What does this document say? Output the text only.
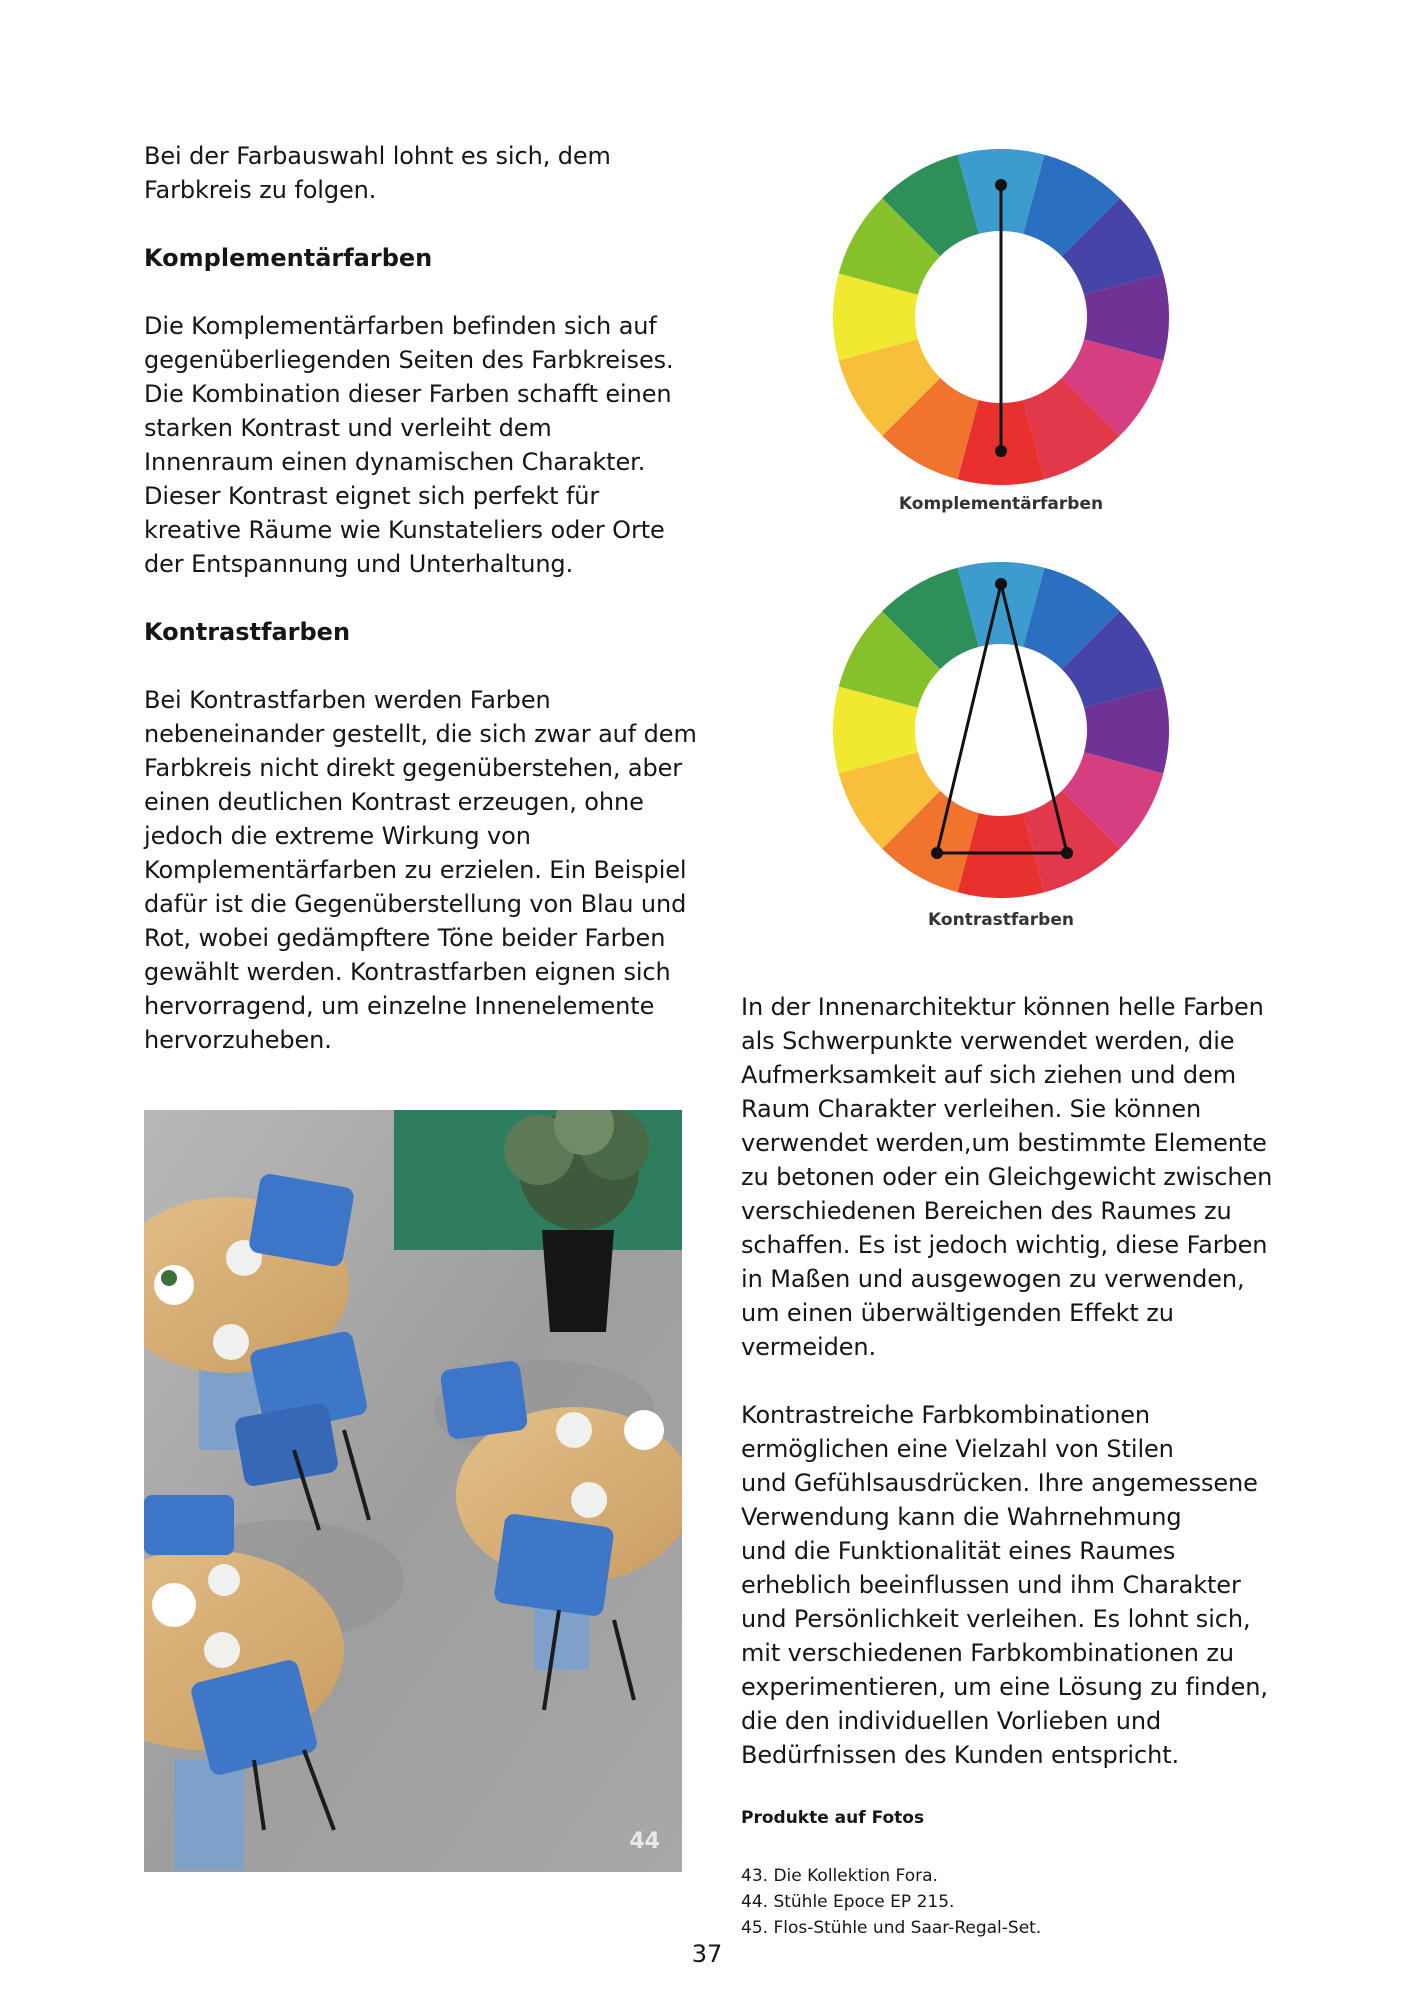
Bei der Farbauswahl lohnt es sich, dem
Farbkreis zu folgen.

Komplementärfarben

Die Komplementärfarben befinden sich auf
gegenüberliegenden Seiten des Farbkreises.
Die Kombination dieser Farben schafft einen
starken Kontrast und verleiht dem
Innenraum einen dynamischen Charakter.
Dieser Kontrast eignet sich perfekt für
kreative Räume wie Kunstateliers oder Orte
der Entspannung und Unterhaltung.

Kontrastfarben

Bei Kontrastfarben werden Farben
nebeneinander gestellt, die sich zwar auf dem
Farbkreis nicht direkt gegenüberstehen, aber
einen deutlichen Kontrast erzeugen, ohne
jedoch die extreme Wirkung von
Komplementärfarben zu erzielen. Ein Beispiel
dafür ist die Gegenüberstellung von Blau und
Rot, wobei gedämpftere Töne beider Farben
gewählt werden. Kontrastfarben eignen sich
hervorragend, um einzelne Innenelemente
hervorzuheben.

Komplementärfarben
Kontrastfarben

In der Innenarchitektur können helle Farben
als Schwerpunkte verwendet werden, die
Aufmerksamkeit auf sich ziehen und dem
Raum Charakter verleihen. Sie können
verwendet werden,um bestimmte Elemente
zu betonen oder ein Gleichgewicht zwischen
verschiedenen Bereichen des Raumes zu
schaffen. Es ist jedoch wichtig, diese Farben
in Maßen und ausgewogen zu verwenden,
um einen überwältigenden Effekt zu
vermeiden.

Kontrastreiche Farbkombinationen
ermöglichen eine Vielzahl von Stilen
und Gefühlsausdrücken. Ihre angemessene
Verwendung kann die Wahrnehmung
und die Funktionalität eines Raumes
erheblich beeinflussen und ihm Charakter
und Persönlichkeit verleihen. Es lohnt sich,
mit verschiedenen Farbkombinationen zu
experimentieren, um eine Lösung zu finden,
die den individuellen Vorlieben und
Bedürfnissen des Kunden entspricht.

44
Produkte auf Fotos

43. Die Kollektion Fora.

44. Stühle Epoce EP 215.

45. Flos-Stühle und Saar-Regal-Set.

37
